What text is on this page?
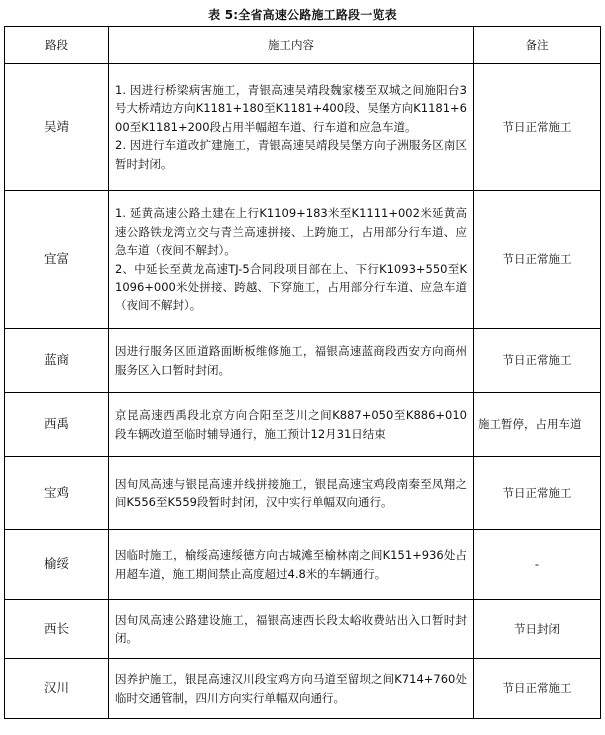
表 5:全省高速公路施工路段一览表
路段	施工内容	备注
吴靖	1. 因进行桥梁病害施工，青银高速吴靖段魏家楼至双城之间施阳台3号大桥靖边方向K1181+180至K1181+400段、吴堡方向K1181+600至K1181+200段占用半幅超车道、行车道和应急车道。

2. 因进行车道改扩建施工，青银高速吴靖段吴堡方向子洲服务区南区暂时封闭。	节日正常施工
宜富	1. 延黄高速公路土建在上行K1109+183米至K1111+002米延黄高速公路铁龙湾立交与青兰高速拼接、上跨施工，占用部分行车道、应急车道（夜间不解封）。

2、中延长至黄龙高速TJ-5合同段项目部在上、下行K1093+550至K1096+000米处拼接、跨越、下穿施工，占用部分行车道、应急车道（夜间不解封）。	节日正常施工
蓝商	因进行服务区匝道路面断板维修施工，福银高速蓝商段西安方向商州服务区入口暂时封闭。	节日正常施工
西禹	京昆高速西禹段北京方向合阳至芝川之间K887+050至K886+010段车辆改道至临时辅导通行，施工预计12月31日结束	施工暂停，占用车道
宝鸡	因旬凤高速与银昆高速并线拼接施工，银昆高速宝鸡段南秦至凤翔之间K556至K559段暂时封闭，汉中实行单幅双向通行。	节日正常施工
榆绥	因临时施工，榆绥高速绥德方向古城滩至榆林南之间K151+936处占用超车道，施工期间禁止高度超过4.8米的车辆通行。	-
西长	因旬凤高速公路建设施工，福银高速西长段太峪收费站出入口暂时封闭。	节日封闭
汉川	因养护施工，银昆高速汉川段宝鸡方向马道至留坝之间K714+760处临时交通管制，四川方向实行单幅双向通行。	节日正常施工
